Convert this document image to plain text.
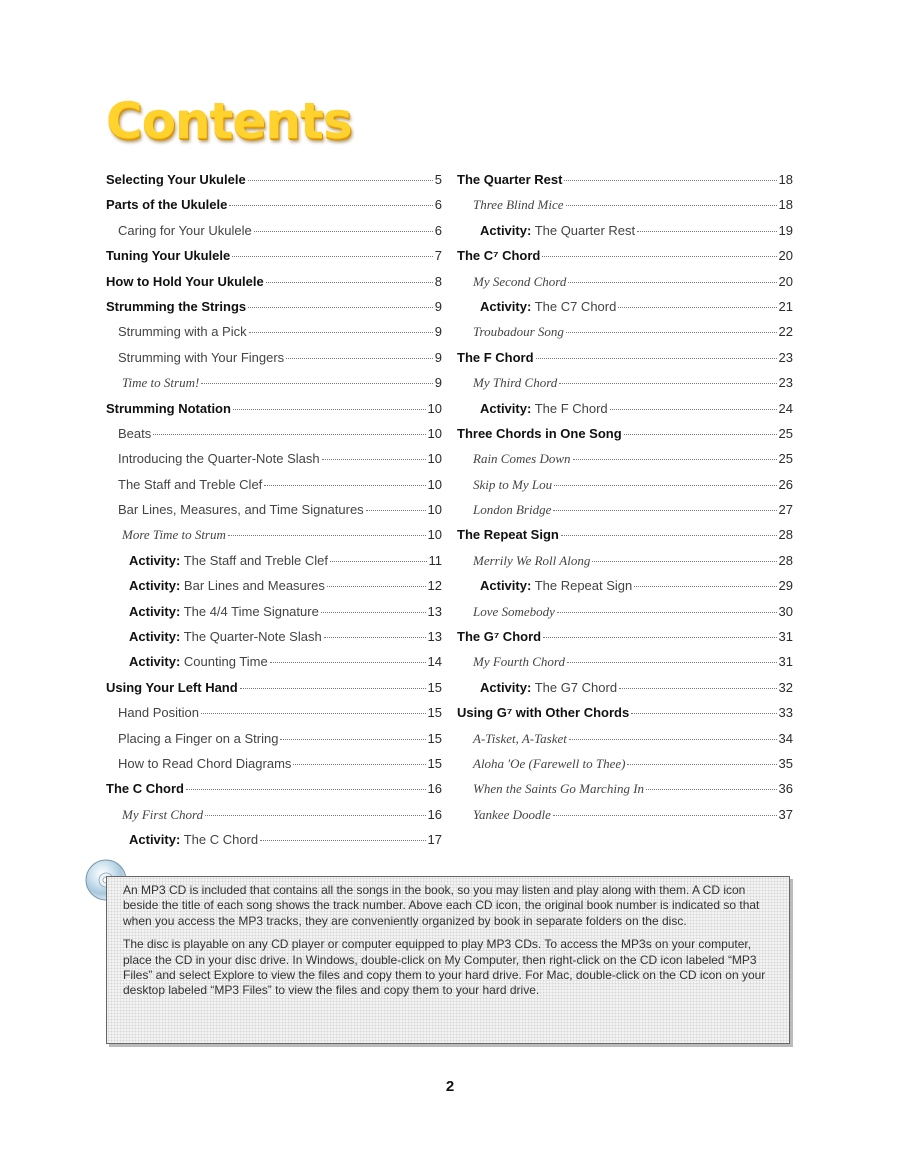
Contents
Selecting Your Ukulele	5
Parts of the Ukulele	6
Caring for Your Ukulele	6
Tuning Your Ukulele	7
How to Hold Your Ukulele	8
Strumming the Strings	9
Strumming with a Pick	9
Strumming with Your Fingers	9
Time to Strum!	9
Strumming Notation	10
Beats	10
Introducing the Quarter-Note Slash	10
The Staff and Treble Clef	10
Bar Lines, Measures, and Time Signatures	10
More Time to Strum	10
Activity: The Staff and Treble Clef	11
Activity: Bar Lines and Measures	12
Activity: The 4/4 Time Signature	13
Activity: The Quarter-Note Slash	13
Activity: Counting Time	14
Using Your Left Hand	15
Hand Position	15
Placing a Finger on a String	15
How to Read Chord Diagrams	15
The C Chord	16
My First Chord	16
Activity: The C Chord	17
The Quarter Rest	18
Three Blind Mice	18
Activity: The Quarter Rest	19
The C⁷ Chord	20
My Second Chord	20
Activity: The C7 Chord	21
Troubadour Song	22
The F Chord	23
My Third Chord	23
Activity: The F Chord	24
Three Chords in One Song	25
Rain Comes Down	25
Skip to My Lou	26
London Bridge	27
The Repeat Sign	28
Merrily We Roll Along	28
Activity: The Repeat Sign	29
Love Somebody	30
The G⁷ Chord	31
My Fourth Chord	31
Activity: The G7 Chord	32
Using G⁷ with Other Chords	33
A-Tisket, A-Tasket	34
Aloha 'Oe (Farewell to Thee)	35
When the Saints Go Marching In	36
Yankee Doodle	37

An MP3 CD is included that contains all the songs in the book, so you may listen and play along with them. A CD icon beside the title of each song shows the track number. Above each CD icon, the original book number is indicated so that when you access the MP3 tracks, they are conveniently organized by book in separate folders on the disc.

The disc is playable on any CD player or computer equipped to play MP3 CDs. To access the MP3s on your computer, place the CD in your disc drive. In Windows, double-click on My Computer, then right-click on the CD icon labeled “MP3 Files” and select Explore to view the files and copy them to your hard drive. For Mac, double-click on the CD icon on your desktop labeled “MP3 Files” to view the files and copy them to your hard drive.

2
